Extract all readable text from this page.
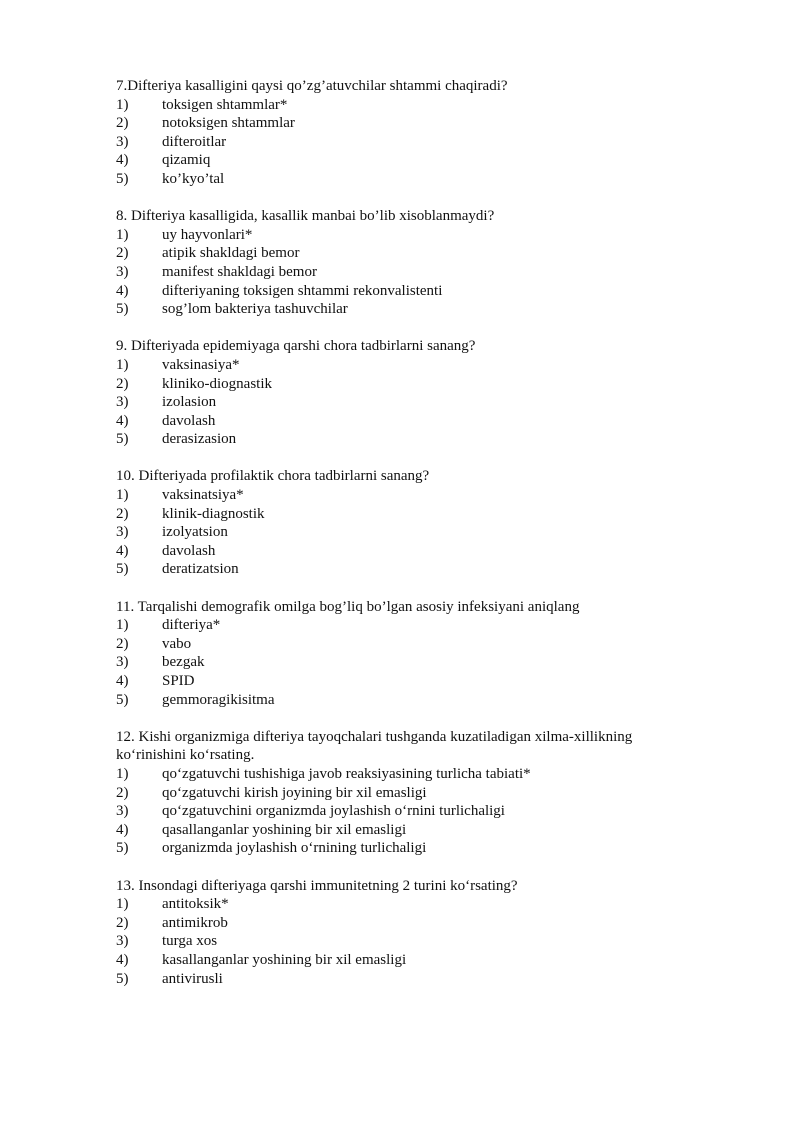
7.Difteriya kasalligini qaysi qo’zg’atuvchilar shtammi chaqiradi?

1)	toksigen shtammlar*
2)	notoksigen shtammlar
3)	difteroitlar
4)	qizamiq
5)	ko’kyo’tal

8. Difteriya kasalligida, kasallik manbai bo’lib xisoblanmaydi?

1)	uy hayvonlari*
2)	atipik shakldagi bemor
3)	manifest shakldagi bemor
4)	difteriyaning toksigen shtammi rekonvalistenti
5)	sog’lom bakteriya tashuvchilar

9. Difteriyada epidemiyaga qarshi chora tadbirlarni sanang?

1)	vaksinasiya*
2)	kliniko-diognastik
3)	izolasion
4)	davolash
5)	derasizasion

10. Difteriyada profilaktik chora tadbirlarni sanang?

1)	vaksinatsiya*
2)	klinik-diagnostik
3)	izolyatsion
4)	davolash
5)	deratizatsion

11. Tarqalishi demografik omilga bog’liq bo’lgan asosiy infeksiyani aniqlang

1)	difteriya*
2)	vabo
3)	bezgak
4)	SPID
5)	gemmoragikisitma

12. Kishi organizmiga difteriya tayoqchalari tushganda kuzatiladigan xilma-xillikning ko‘rinishini ko‘rsating.

1)	qo‘zgatuvchi tushishiga javob reaksiyasining turlicha tabiati*
2)	qo‘zgatuvchi kirish joyining bir xil emasligi
3)	qo‘zgatuvchini organizmda joylashish o‘rnini turlichaligi
4)	qasallanganlar yoshining bir xil emasligi
5)	organizmda joylashish o‘rnining turlichaligi

13. Insondagi difteriyaga qarshi immunitetning 2 turini ko‘rsating?

1)	antitoksik*
2)	antimikrob
3)	turga xos
4)	kasallanganlar yoshining bir xil emasligi
5)	antivirusli
